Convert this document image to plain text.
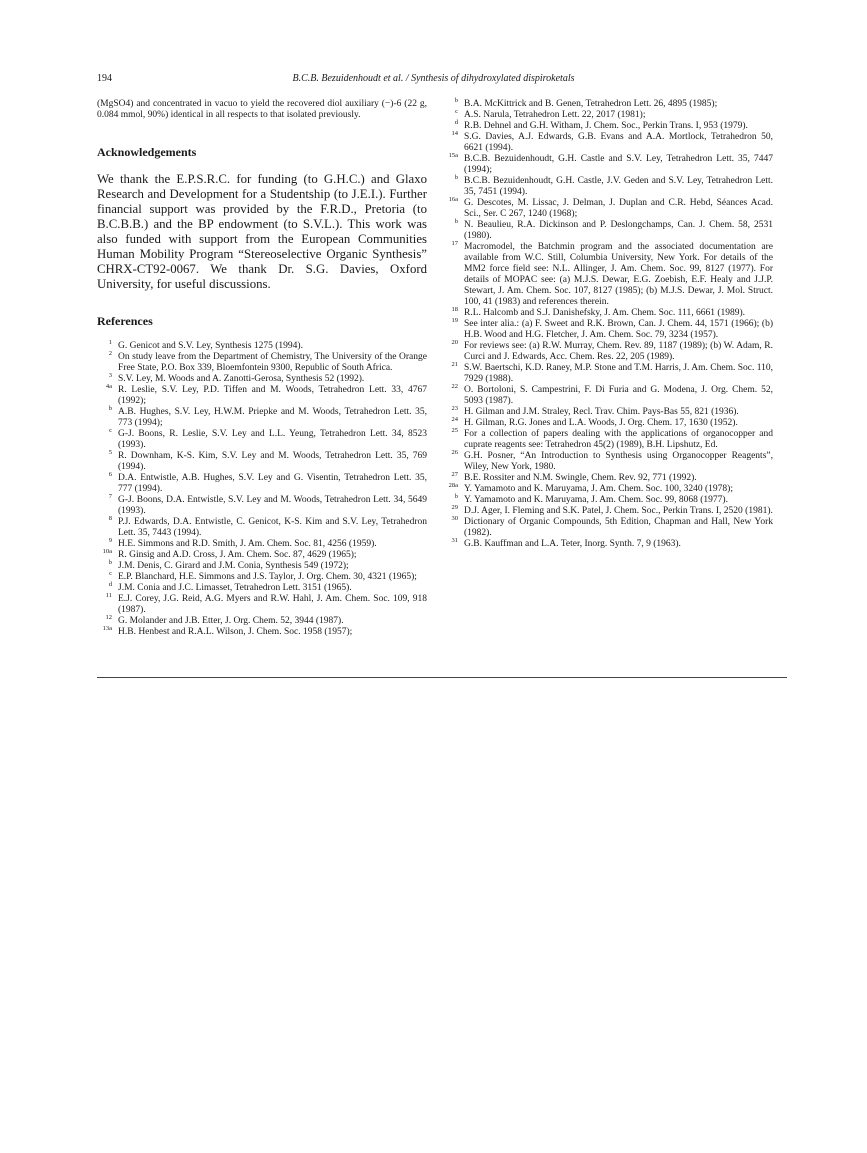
194	B.C.B. Bezuidenhoudt et al. / Synthesis of dihydroxylated dispiroketals

(MgSO4) and concentrated in vacuo to yield the recovered diol auxiliary (−)-6 (22 g, 0.084 mmol, 90%) identical in all respects to that isolated previously.

Acknowledgements

We thank the E.P.S.R.C. for funding (to G.H.C.) and Glaxo Research and Development for a Studentship (to J.E.I.). Further financial support was provided by the F.R.D., Pretoria (to B.C.B.B.) and the BP endowment (to S.V.L.). This work was also funded with support from the European Communities Human Mobility Program “Stereoselective Organic Synthesis” CHRX-CT92-0067. We thank Dr. S.G. Davies, Oxford University, for useful discussions.

References
1 G. Genicot and S.V. Ley, Synthesis 1275 (1994).
2 On study leave from the Department of Chemistry, The University of the Orange Free State, P.O. Box 339, Bloemfontein 9300, Republic of South Africa.
3 S.V. Ley, M. Woods and A. Zanotti-Gerosa, Synthesis 52 (1992).
4a R. Leslie, S.V. Ley, P.D. Tiffen and M. Woods, Tetrahedron Lett. 33, 4767 (1992);
b A.B. Hughes, S.V. Ley, H.W.M. Priepke and M. Woods, Tetrahedron Lett. 35, 773 (1994);
c G-J. Boons, R. Leslie, S.V. Ley and L.L. Yeung, Tetrahedron Lett. 34, 8523 (1993).
5 R. Downham, K-S. Kim, S.V. Ley and M. Woods, Tetrahedron Lett. 35, 769 (1994).
6 D.A. Entwistle, A.B. Hughes, S.V. Ley and G. Visentin, Tetrahedron Lett. 35, 777 (1994).
7 G-J. Boons, D.A. Entwistle, S.V. Ley and M. Woods, Tetrahedron Lett. 34, 5649 (1993).
8 P.J. Edwards, D.A. Entwistle, C. Genicot, K-S. Kim and S.V. Ley, Tetrahedron Lett. 35, 7443 (1994).
9 H.E. Simmons and R.D. Smith, J. Am. Chem. Soc. 81, 4256 (1959).
10a R. Ginsig and A.D. Cross, J. Am. Chem. Soc. 87, 4629 (1965);
b J.M. Denis, C. Girard and J.M. Conia, Synthesis 549 (1972);
c E.P. Blanchard, H.E. Simmons and J.S. Taylor, J. Org. Chem. 30, 4321 (1965);
d J.M. Conia and J.C. Limasset, Tetrahedron Lett. 3151 (1965).
11 E.J. Corey, J.G. Reid, A.G. Myers and R.W. Hahl, J. Am. Chem. Soc. 109, 918 (1987).
12 G. Molander and J.B. Etter, J. Org. Chem. 52, 3944 (1987).
13a H.B. Henbest and R.A.L. Wilson, J. Chem. Soc. 1958 (1957);
b B.A. McKittrick and B. Genen, Tetrahedron Lett. 26, 4895 (1985);
c A.S. Narula, Tetrahedron Lett. 22, 2017 (1981);
d R.B. Dehnel and G.H. Witham, J. Chem. Soc., Perkin Trans. I, 953 (1979).
14 S.G. Davies, A.J. Edwards, G.B. Evans and A.A. Mortlock, Tetrahedron 50, 6621 (1994).
15a B.C.B. Bezuidenhoudt, G.H. Castle and S.V. Ley, Tetrahedron Lett. 35, 7447 (1994);
b B.C.B. Bezuidenhoudt, G.H. Castle, J.V. Geden and S.V. Ley, Tetrahedron Lett. 35, 7451 (1994).
16a G. Descotes, M. Lissac, J. Delman, J. Duplan and C.R. Hebd, Séances Acad. Sci., Ser. C 267, 1240 (1968);
b N. Beaulieu, R.A. Dickinson and P. Deslongchamps, Can. J. Chem. 58, 2531 (1980).
17 Macromodel, the Batchmin program and the associated documentation are available from W.C. Still, Columbia University, New York. For details of the MM2 force field see: N.L. Allinger, J. Am. Chem. Soc. 99, 8127 (1977). For details of MOPAC see: (a) M.J.S. Dewar, E.G. Zoebish, E.F. Healy and J.J.P. Stewart, J. Am. Chem. Soc. 107, 8127 (1985); (b) M.J.S. Dewar, J. Mol. Struct. 100, 41 (1983) and references therein.
18 R.L. Halcomb and S.J. Danishefsky, J. Am. Chem. Soc. 111, 6661 (1989).
19 See inter alia.: (a) F. Sweet and R.K. Brown, Can. J. Chem. 44, 1571 (1966); (b) H.B. Wood and H.G. Fletcher, J. Am. Chem. Soc. 79, 3234 (1957).
20 For reviews see: (a) R.W. Murray, Chem. Rev. 89, 1187 (1989); (b) W. Adam, R. Curci and J. Edwards, Acc. Chem. Res. 22, 205 (1989).
21 S.W. Baertschi, K.D. Raney, M.P. Stone and T.M. Harris, J. Am. Chem. Soc. 110, 7929 (1988).
22 O. Bortoloni, S. Campestrini, F. Di Furia and G. Modena, J. Org. Chem. 52, 5093 (1987).
23 H. Gilman and J.M. Straley, Recl. Trav. Chim. Pays-Bas 55, 821 (1936).
24 H. Gilman, R.G. Jones and L.A. Woods, J. Org. Chem. 17, 1630 (1952).
25 For a collection of papers dealing with the applications of organocopper and cuprate reagents see: Tetrahedron 45(2) (1989), B.H. Lipshutz, Ed.
26 G.H. Posner, “An Introduction to Synthesis using Organocopper Reagents”, Wiley, New York, 1980.
27 B.E. Rossiter and N.M. Swingle, Chem. Rev. 92, 771 (1992).
28a Y. Yamamoto and K. Maruyama, J. Am. Chem. Soc. 100, 3240 (1978);
b Y. Yamamoto and K. Maruyama, J. Am. Chem. Soc. 99, 8068 (1977).
29 D.J. Ager, I. Fleming and S.K. Patel, J. Chem. Soc., Perkin Trans. I, 2520 (1981).
30 Dictionary of Organic Compounds, 5th Edition, Chapman and Hall, New York (1982).
31 G.B. Kauffman and L.A. Teter, Inorg. Synth. 7, 9 (1963).
